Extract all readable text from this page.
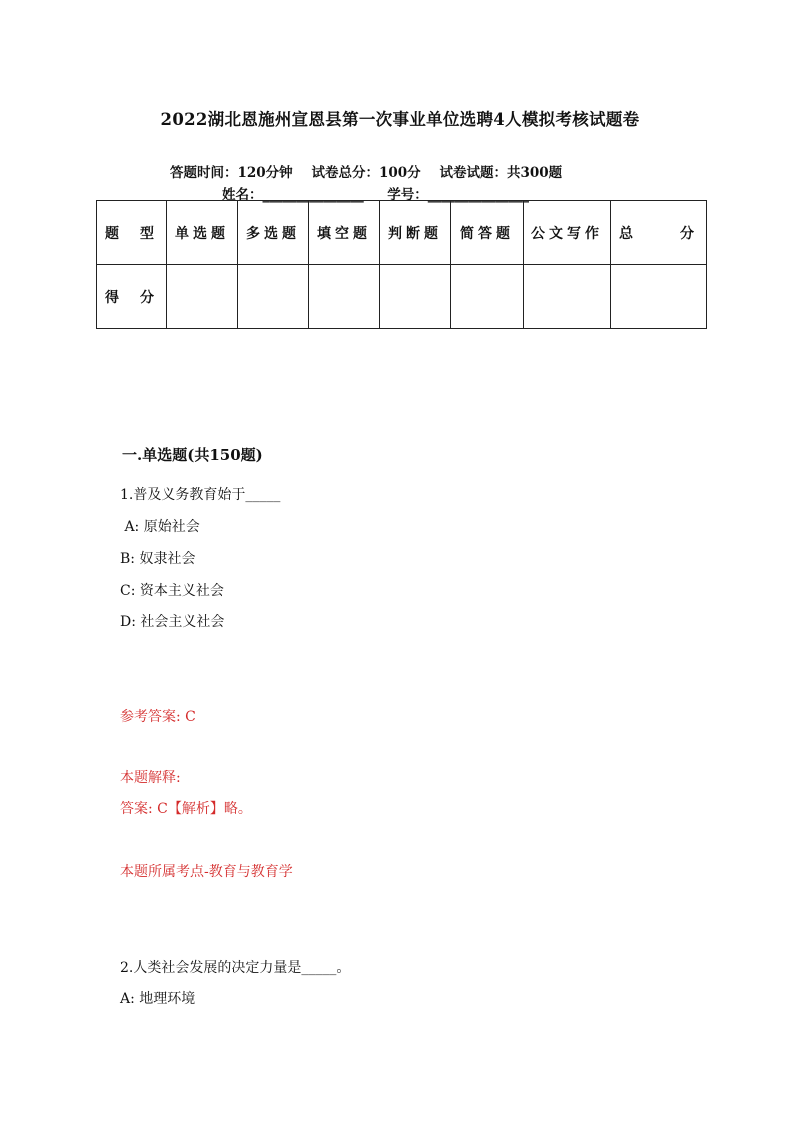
2022湖北恩施州宣恩县第一次事业单位选聘4人模拟考核试题卷
答题时间：120分钟    试卷总分：100分    试卷试题：共300题
姓名：_______________     学号：_______________
题 型	单选题	多选题	填空题	判断题	简答题	公文写作	总 分
得 分							
一.单选题(共150题)
1.普及义务教育始于_____
A: 原始社会
B: 奴隶社会
C: 资本主义社会
D: 社会主义社会
参考答案: C
本题解释:
答案: C【解析】略。
本题所属考点-教育与教育学
2.人类社会发展的决定力量是_____。
A: 地理环境
